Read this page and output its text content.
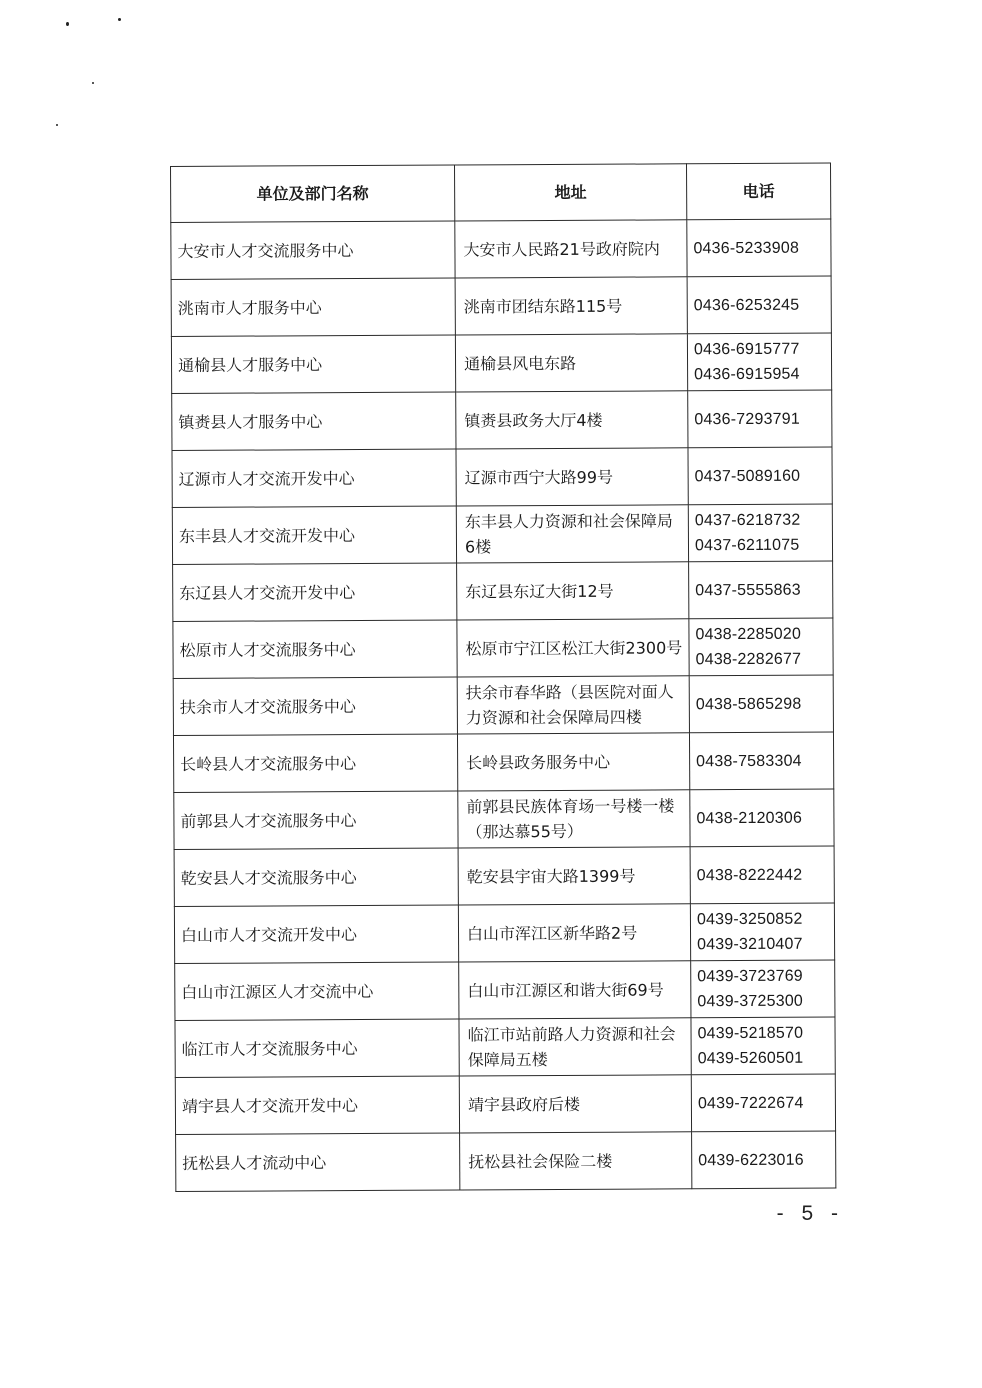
单位及部门名称	地址	电话
大安市人才交流服务中心	大安市人民路21号政府院内	0436-5233908

洮南市人才服务中心	洮南市团结东路115号	0436-6253245

通榆县人才服务中心	通榆县风电东路	0436-6915777
0436-6915954

镇赉县人才服务中心	镇赉县政务大厅4楼	0436-7293791

辽源市人才交流开发中心	辽源市西宁大路99号	0437-5089160

东丰县人才交流开发中心	东丰县人力资源和社会保障局6楼	0437-6218732
0437-6211075

东辽县人才交流开发中心	东辽县东辽大街12号	0437-5555863

松原市人才交流服务中心	松原市宁江区松江大街2300号	0438-2285020
0438-2282677

扶余市人才交流服务中心	扶余市春华路（县医院对面人力资源和社会保障局四楼	0438-5865298

长岭县人才交流服务中心	长岭县政务服务中心	0438-7583304

前郭县人才交流服务中心	前郭县民族体育场一号楼一楼（那达慕55号）	0438-2120306

乾安县人才交流服务中心	乾安县宇宙大路1399号	0438-8222442

白山市人才交流开发中心	白山市浑江区新华路2号	0439-3250852
0439-3210407

白山市江源区人才交流中心	白山市江源区和谐大街69号	0439-3723769
0439-3725300

临江市人才交流服务中心	临江市站前路人力资源和社会保障局五楼	0439-5218570
0439-5260501

靖宇县人才交流开发中心	靖宇县政府后楼	0439-7222674

抚松县人才流动中心	抚松县社会保险二楼	0439-6223016
- 5 -
